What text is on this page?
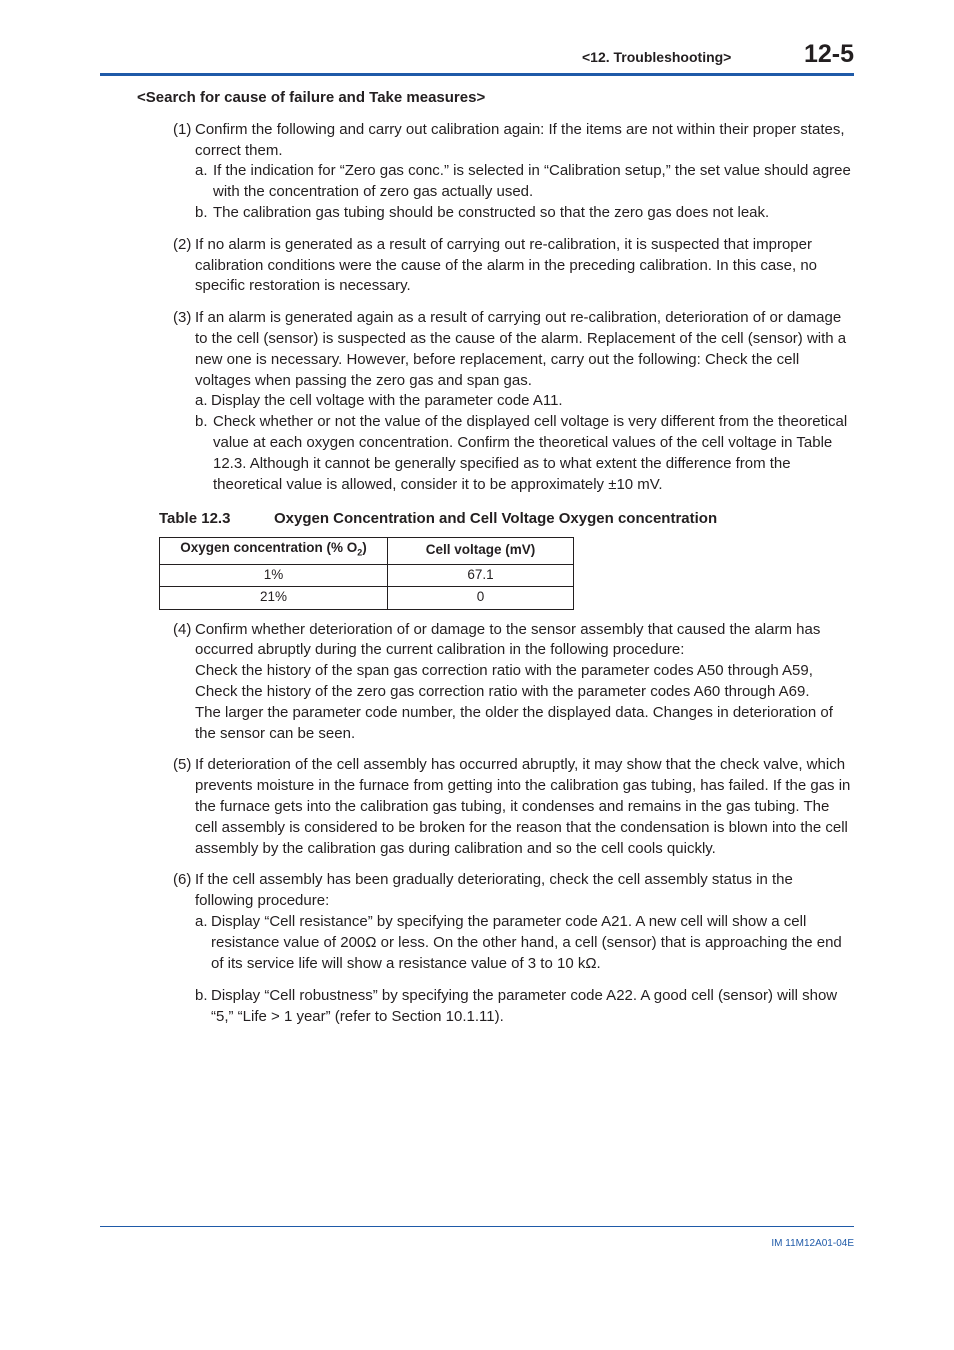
<12. Troubleshooting>	12-5
<Search for cause of failure and Take measures>
(1) Confirm the following and carry out calibration again: If the items are not within their proper states, correct them.
a. If the indication for “Zero gas conc.” is selected in “Calibration setup,” the set value should agree with the concentration of zero gas actually used.
b. The calibration gas tubing should be constructed so that the zero gas does not leak.
(2) If no alarm is generated as a result of carrying out re-calibration, it is suspected that improper calibration conditions were the cause of the alarm in the preceding calibration. In this case, no specific restoration is necessary.
(3) If an alarm is generated again as a result of carrying out re-calibration, deterioration of or damage to the cell (sensor) is suspected as the cause of the alarm. Replacement of the cell (sensor) with a new one is necessary. However, before replacement, carry out the following: Check the cell voltages when passing the zero gas and span gas.
a. Display the cell voltage with the parameter code A11.
b. Check whether or not the value of the displayed cell voltage is very different from the theoretical value at each oxygen concentration. Confirm the theoretical values of the cell voltage in Table 12.3. Although it cannot be generally specified as to what extent the difference from the theoretical value is allowed, consider it to be approximately ±10 mV.
Table 12.3	Oxygen Concentration and Cell Voltage Oxygen concentration
Oxygen concentration (% $O_2$)	Cell voltage (mV)
1%	67.1
21%	0
(4) Confirm whether deterioration of or damage to the sensor assembly that caused the alarm has occurred abruptly during the current calibration in the following procedure:
Check the history of the span gas correction ratio with the parameter codes A50 through A59, Check the history of the zero gas correction ratio with the parameter codes A60 through A69.
The larger the parameter code number, the older the displayed data. Changes in deterioration of the sensor can be seen.
(5) If deterioration of the cell assembly has occurred abruptly, it may show that the check valve, which prevents moisture in the furnace from getting into the calibration gas tubing, has failed. If the gas in the furnace gets into the calibration gas tubing, it condenses and remains in the gas tubing. The cell assembly is considered to be broken for the reason that the condensation is blown into the cell assembly by the calibration gas during calibration and so the cell cools quickly.
(6) If the cell assembly has been gradually deteriorating, check the cell assembly status in the following procedure:
a. Display “Cell resistance” by specifying the parameter code A21. A new cell will show a cell resistance value of 200Ω or less. On the other hand, a cell (sensor) that is approaching the end of its service life will show a resistance value of 3 to 10 kΩ.
b. Display “Cell robustness” by specifying the parameter code A22. A good cell (sensor) will show “5,” “Life > 1 year” (refer to Section 10.1.11).
IM 11M12A01-04E
